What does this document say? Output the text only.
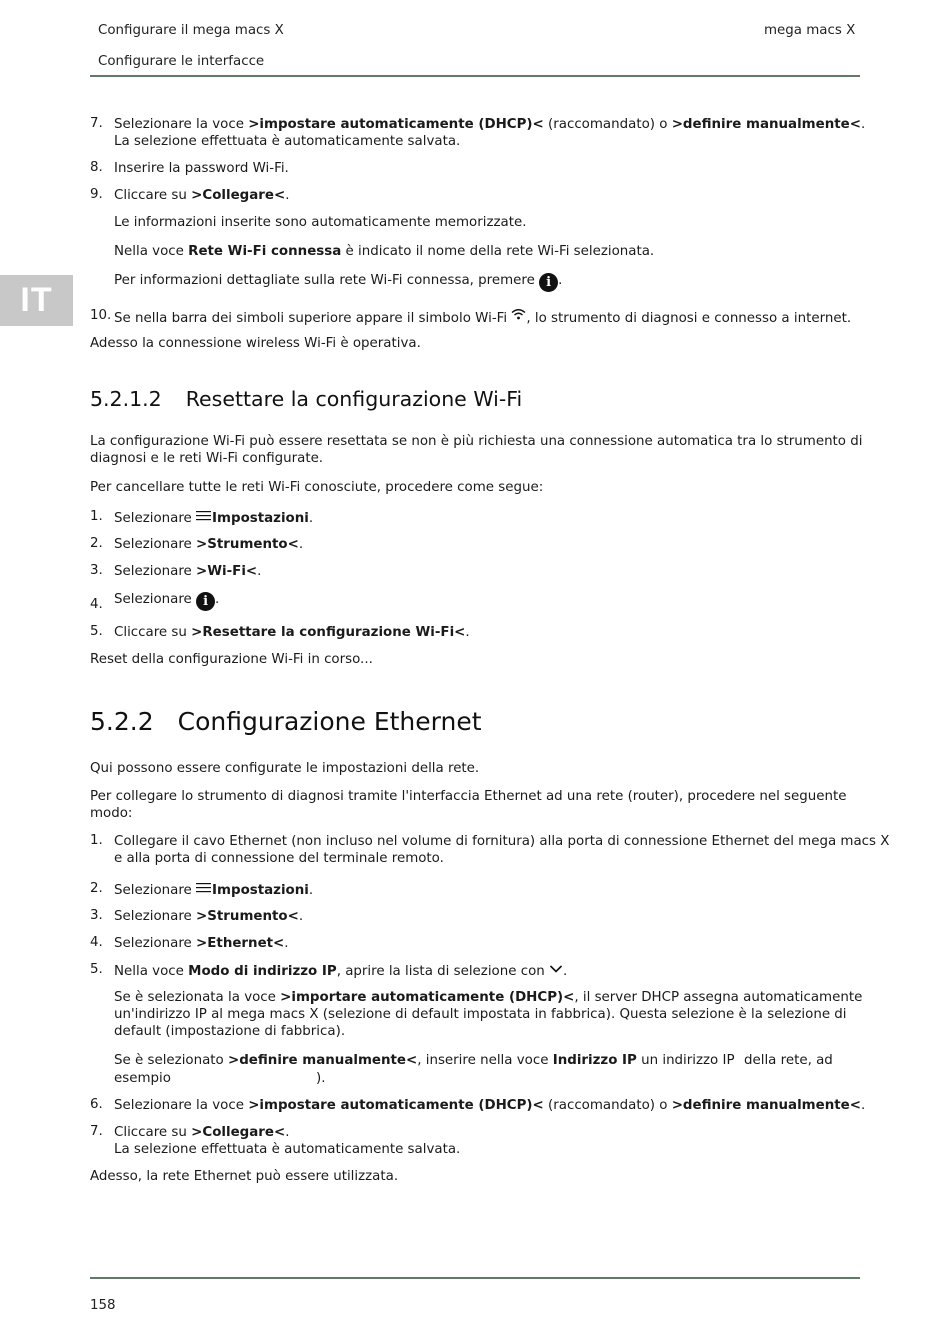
Configurare il mega macs X	mega macs X
Configurare le interfacce
IT
7. Selezionare la voce >impostare automaticamente (DHCP)< (raccomandato) o >definire manualmente<.
La selezione effettuata è automaticamente salvata.
8. Inserire la password Wi-Fi.
9. Cliccare su >Collegare<.
Le informazioni inserite sono automaticamente memorizzate.
Nella voce Rete Wi-Fi connessa è indicato il nome della rete Wi-Fi selezionata.
Per informazioni dettagliate sulla rete Wi-Fi connessa, premere i .
10. Se nella barra dei simboli superiore appare il simbolo Wi-Fi , lo strumento di diagnosi e connesso a internet.
Adesso la connessione wireless Wi-Fi è operativa.
5.2.1.2 Resettare la configurazione Wi-Fi
La configurazione Wi-Fi può essere resettata se non è più richiesta una connessione automatica tra lo strumento di
diagnosi e le reti Wi-Fi configurate.
Per cancellare tutte le reti Wi-Fi conosciute, procedere come segue:
1. Selezionare Impostazioni.
2. Selezionare >Strumento<.
3. Selezionare >Wi-Fi<.
4. Selezionare i .
5. Cliccare su >Resettare la configurazione Wi-Fi<.
Reset della configurazione Wi-Fi in corso...
5.2.2 Configurazione Ethernet
Qui possono essere configurate le impostazioni della rete.
Per collegare lo strumento di diagnosi tramite l'interfaccia Ethernet ad una rete (router), procedere nel seguente
modo:
1. Collegare il cavo Ethernet (non incluso nel volume di fornitura) alla porta di connessione Ethernet del mega macs X
e alla porta di connessione del terminale remoto.
2. Selezionare Impostazioni.
3. Selezionare >Strumento<.
4. Selezionare >Ethernet<.
5. Nella voce Modo di indirizzo IP, aprire la lista di selezione con .
Se è selezionata la voce >importare automaticamente (DHCP)<, il server DHCP assegna automaticamente
un'indirizzo IP al mega macs X (selezione di default impostata in fabbrica). Questa selezione è la selezione di
default (impostazione di fabbrica).
Se è selezionato >definire manualmente<, inserire nella voce Indirizzo IP un indirizzo IP della rete, ad
esempio	).
6. Selezionare la voce >impostare automaticamente (DHCP)< (raccomandato) o >definire manualmente<.
7. Cliccare su >Collegare<.
La selezione effettuata è automaticamente salvata.
Adesso, la rete Ethernet può essere utilizzata.
158
